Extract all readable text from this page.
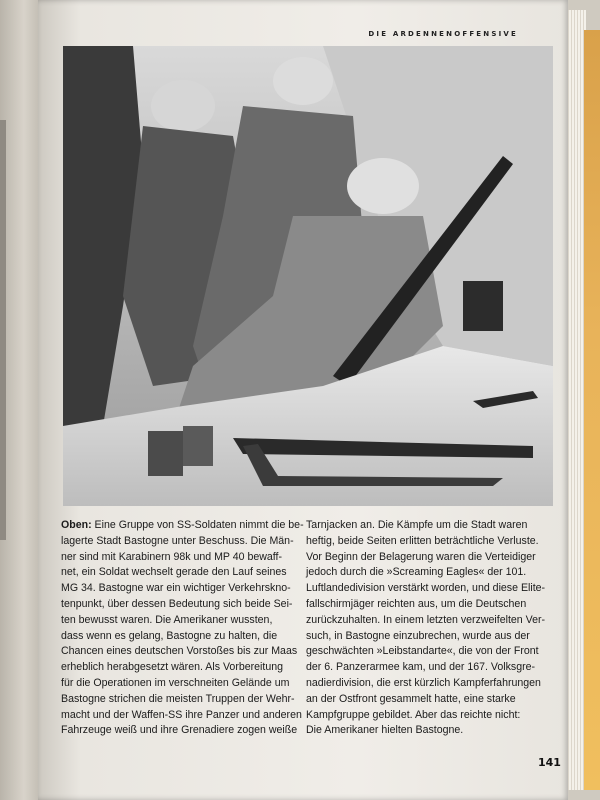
DIE ARDENNENOFFENSIVE
Oben: Eine Gruppe von SS-Soldaten nimmt die be-
lagerte Stadt Bastogne unter Beschuss. Die Män-
ner sind mit Karabinern 98k und MP 40 bewaff-
net, ein Soldat wechselt gerade den Lauf seines
MG 34. Bastogne war ein wichtiger Verkehrskno-
tenpunkt, über dessen Bedeutung sich beide Sei-
ten bewusst waren. Die Amerikaner wussten,
dass wenn es gelang, Bastogne zu halten, die
Chancen eines deutschen Vorstoßes bis zur Maas
erheblich herabgesetzt wären. Als Vorbereitung
für die Operationen im verschneiten Gelände um
Bastogne strichen die meisten Truppen der Wehr-
macht und der Waffen-SS ihre Panzer und anderen
Fahrzeuge weiß und ihre Grenadiere zogen weiße
Tarnjacken an. Die Kämpfe um die Stadt waren
heftig, beide Seiten erlitten beträchtliche Verluste.
Vor Beginn der Belagerung waren die Verteidiger
jedoch durch die »Screaming Eagles« der 101.
Luftlandedivision verstärkt worden, und diese Elite-
fallschirmjäger reichten aus, um die Deutschen
zurückzuhalten. In einem letzten verzweifelten Ver-
such, in Bastogne einzubrechen, wurde aus der
geschwächten »Leibstandarte«, die von der Front
der 6. Panzerarmee kam, und der 167. Volksgre-
nadierdivision, die erst kürzlich Kampferfahrungen
an der Ostfront gesammelt hatte, eine starke
Kampfgruppe gebildet. Aber das reichte nicht:
Die Amerikaner hielten Bastogne.
141
